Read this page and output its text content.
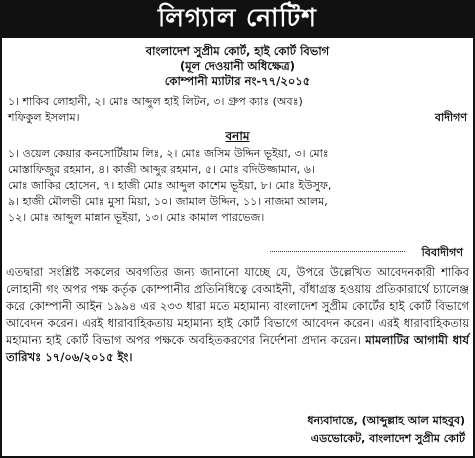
লিগ্যাল নোটিশ
বাংলাদেশ সুপ্রীম কোর্ট, হাই কোর্ট বিভাগ
(মূল দেওয়ানী অধিক্ষেত্র)
কোম্পানী ম্যাটার নং-৭৭/২০১৫
১। শাকিব লোহানী, ২। মোঃ আব্দুল হাই লিটন, ৩। গ্রুপ ক্যাঃ (অবঃ)
শফিকুল ইসলাম।	বাদীগণ
বনাম
১। ওয়েল কেয়ার কনসোর্টিয়াম লিঃ, ২। মোঃ জসিম উদ্দিন ভূইয়া, ৩। মোঃ
মোস্তাফিজুর রহমান, ৪। কাজী আব্দুর রহমান, ৫। মোঃ বদিউজ্জামান, ৬।
মোঃ জাকির হোসেন, ৭। হাজী মোঃ আব্দুল কাশেম ভূইয়া, ৮। মোঃ ইউসুফ,
৯। হাজী মৌলভী মোঃ মুসা মিয়া, ১০। জামাল উদ্দিন, ১১। নাজমা আলম,
১২। মোঃ আব্দুল মান্নান ভূইয়া, ১৩। মোঃ কামাল পারভেজ।
বিবাদীগণ
এতদ্বারা সংশ্লিষ্ট সকলের অবগতির জন্য জানানো যাচ্ছে যে, উপরে উল্লেখিত আবেদনকারী শাকিব লোহানী গং অপর পক্ষ কর্তৃক কোম্পানীর প্রতিনিধিত্বে বেআইনী, বাঁধাগ্রস্ত হওয়ায় প্রতিকারার্থে চ্যালেঞ্জ করে কোম্পানী আইন ১৯৯৪ এর ২৩৩ ধারা মতে মহামান্য বাংলাদেশ সুপ্রীম কোর্টের হাই কোর্ট বিভাগে আবেদন করেন। এরই ধারাবাহিকতায় মহামান্য হাই কোর্ট বিভাগে আবেদন করেন। এরই ধারাবাহিকতায় মহামান্য হাই কোর্ট বিভাগ অপর পক্ষকে অবহিতকরণের নির্দেশনা প্রদান করেন। মামলাটির আগামী ধার্য তারিখঃ ১৭/০৬/২০১৫ ইং।
ধন্যবাদান্তে, (আব্দুল্লাহ আল মাহবুব)
এডভোকেট, বাংলাদেশ সুপ্রীম কোর্ট
